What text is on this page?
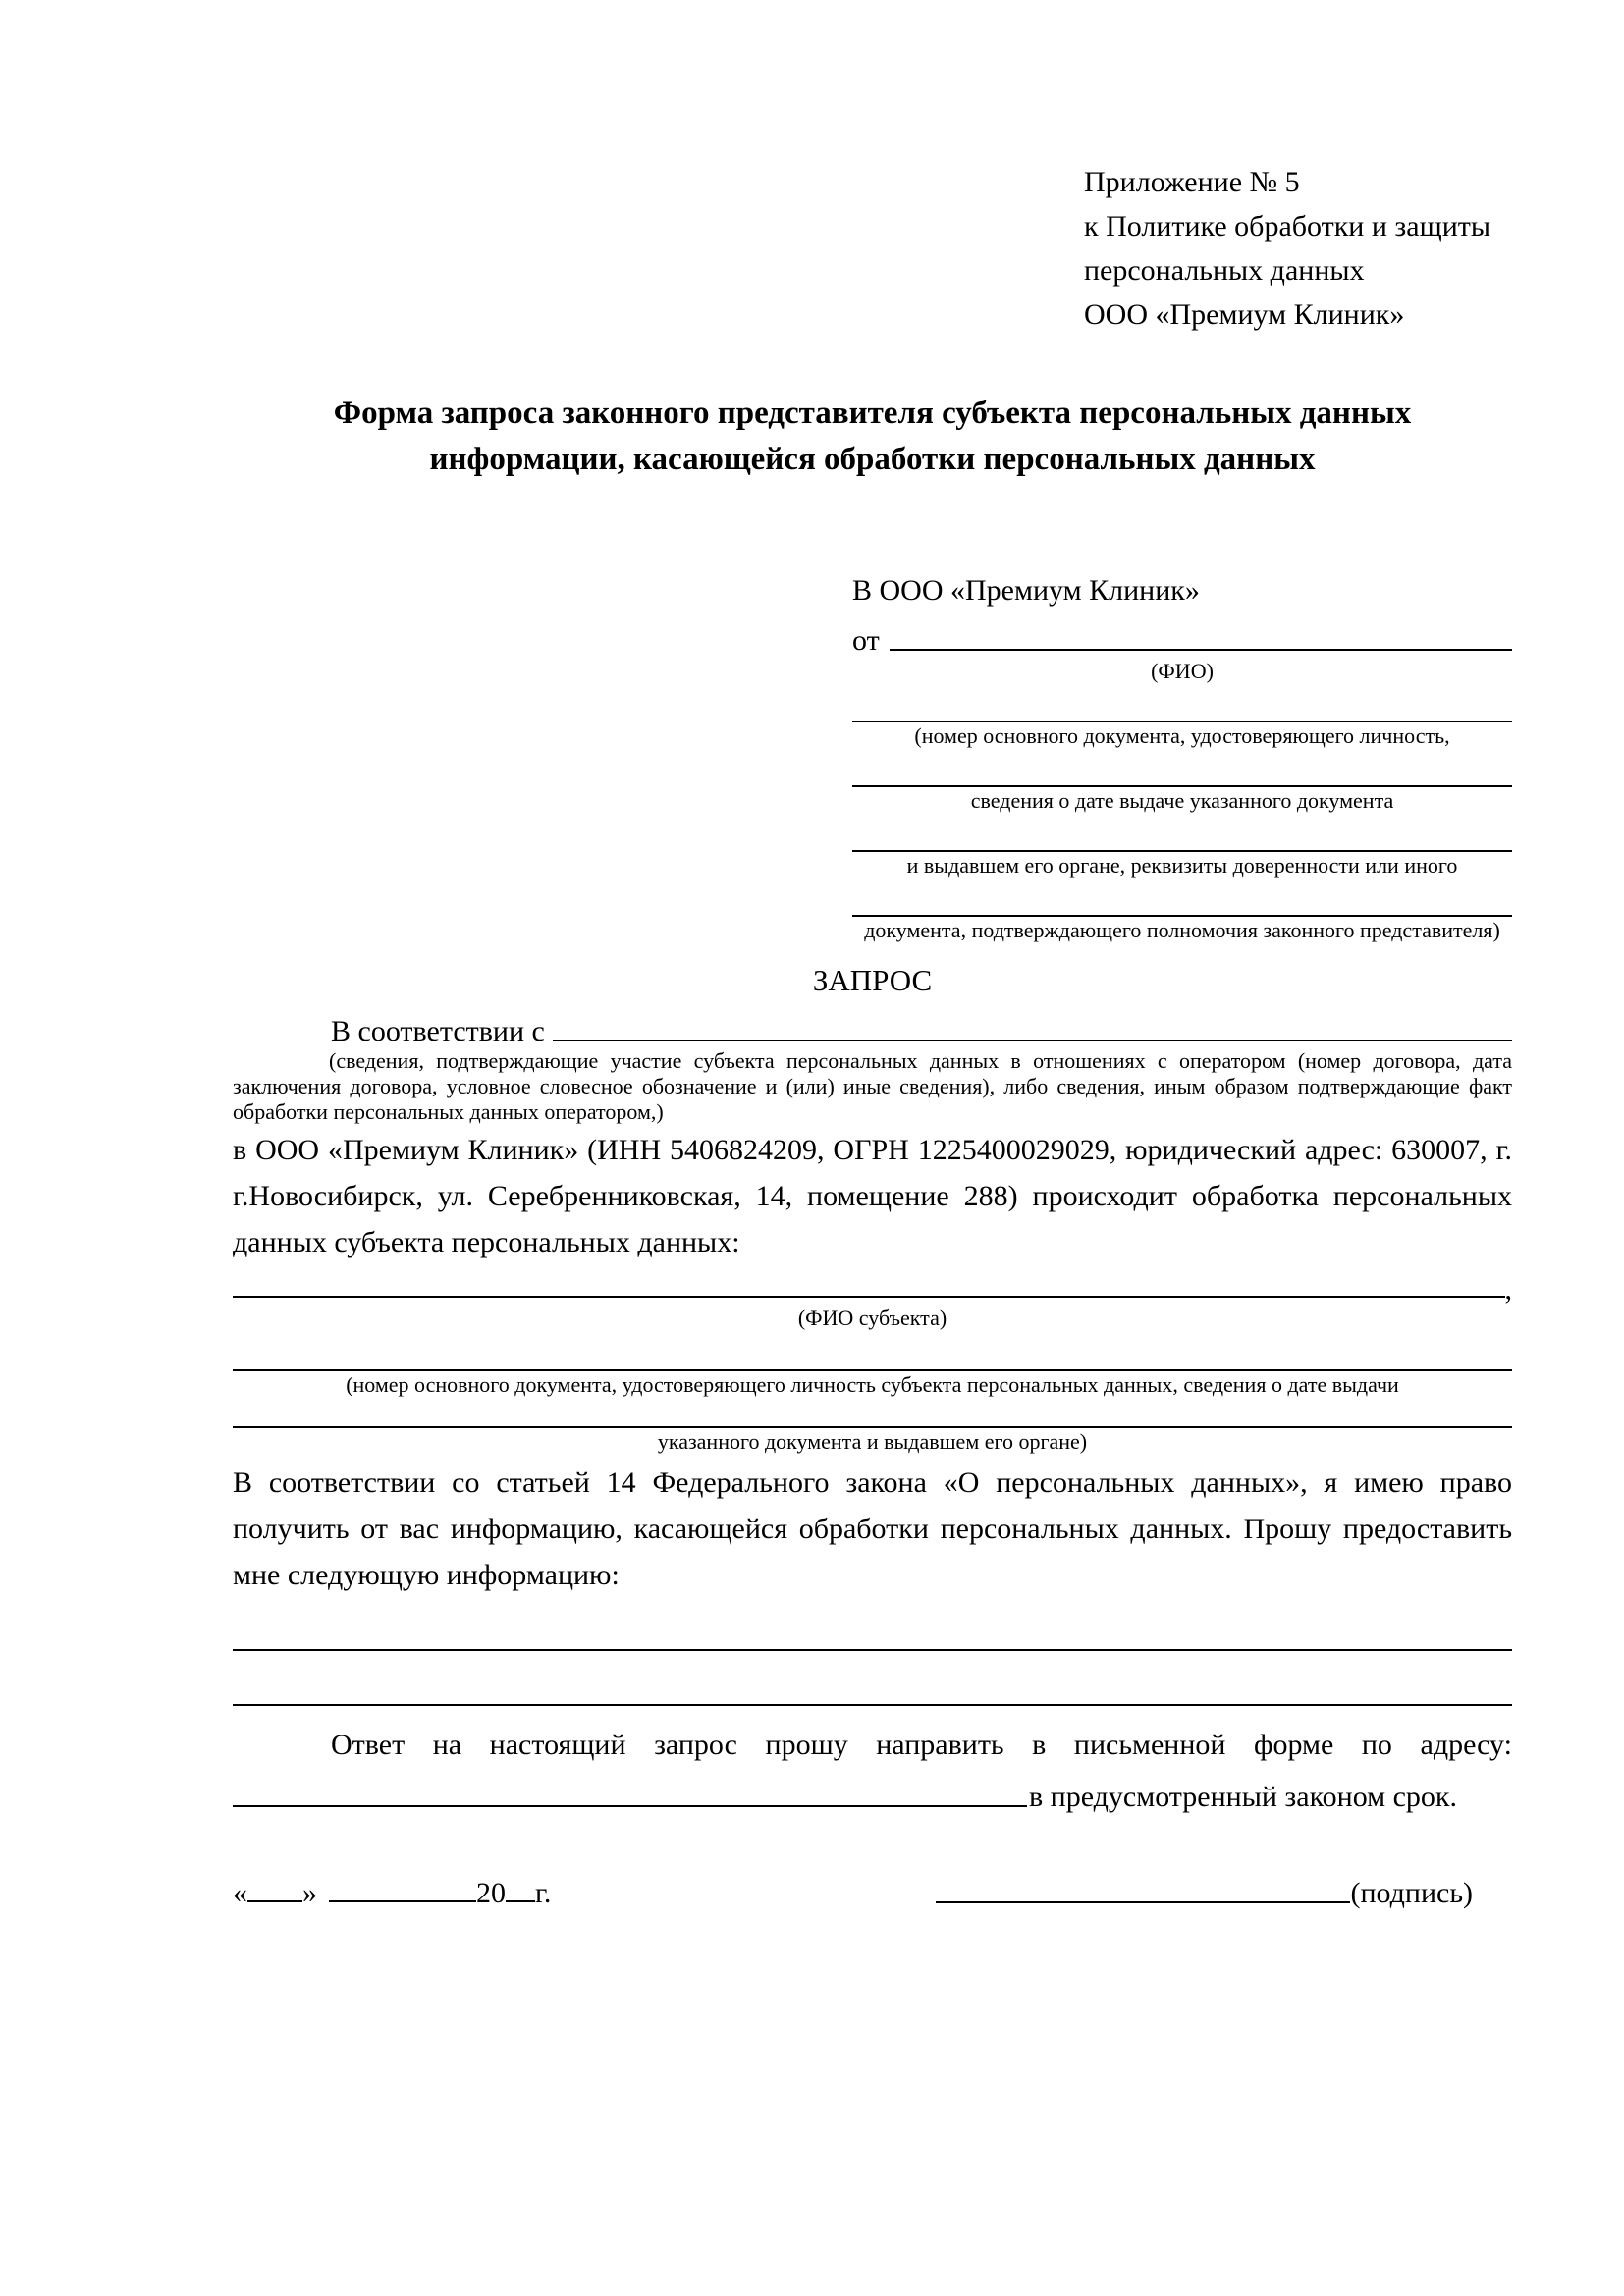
Приложение № 5
к Политике обработки и защиты
персональных данных
ООО «Премиум Клиник»
Форма запроса законного представителя субъекта персональных данных
информации, касающейся обработки персональных данных
В ООО «Премиум Клиник»
от
(ФИО)
(номер основного документа, удостоверяющего личность,
сведения о дате выдаче указанного документа
и выдавшем его органе, реквизиты доверенности или иного
документа, подтверждающего полномочия законного представителя)
ЗАПРОС
В соответствии с
(сведения, подтверждающие участие субъекта персональных данных в отношениях с оператором (номер договора, дата заключения договора, условное словесное обозначение и (или) иные сведения), либо сведения, иным образом подтверждающие факт обработки персональных данных оператором,)

в ООО «Премиум Клиник» (ИНН 5406824209, ОГРН 1225400029029, юридический адрес: 630007, г. г.Новосибирск, ул. Серебренниковская, 14, помещение 288) происходит обработка персональных данных субъекта персональных данных:

,
(ФИО субъекта)
(номер основного документа, удостоверяющего личность субъекта персональных данных, сведения о дате выдачи
указанного документа и выдавшем его органе)

В соответствии со статьей 14 Федерального закона «О персональных данных», я имею право получить от вас информацию, касающейся обработки персональных данных. Прошу предоставить мне следующую информацию:

Ответ на настоящий запрос прошу направить в письменной форме по адресу:

в предусмотренный законом срок.
« »	20 г.	(подпись)
